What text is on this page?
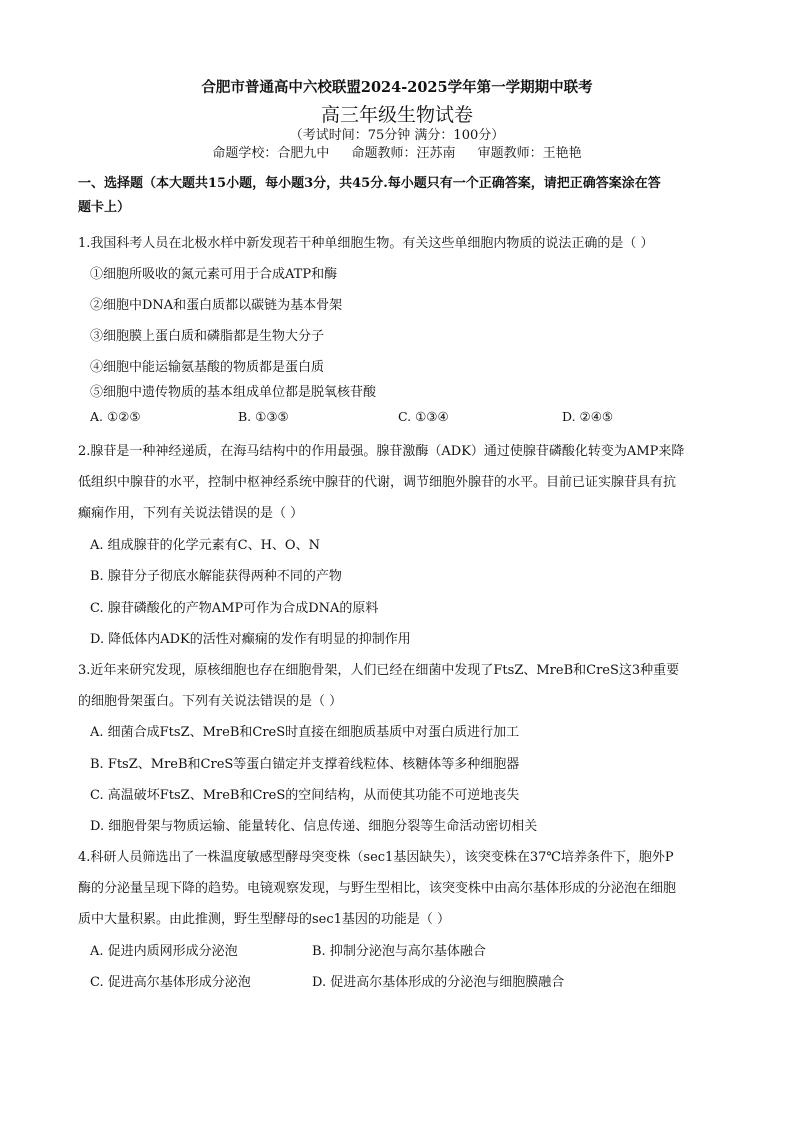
合肥市普通高中六校联盟2024-2025学年第一学期期中联考
高三年级生物试卷
（考试时间：75分钟 满分：100分）
命题学校：合肥九中 命题教师：汪苏南 审题教师：王艳艳
一、选择题（本大题共15小题，每小题3分，共45分.每小题只有一个正确答案，请把正确答案涂在答
题卡上）
1.我国科考人员在北极水样中新发现若干种单细胞生物。有关这些单细胞内物质的说法正确的是（ ）
①细胞所吸收的氮元素可用于合成ATP和酶
②细胞中DNA和蛋白质都以碳链为基本骨架
③细胞膜上蛋白质和磷脂都是生物大分子
④细胞中能运输氨基酸的物质都是蛋白质
⑤细胞中遗传物质的基本组成单位都是脱氧核苷酸
A. ①②⑤	B. ①③⑤	C. ①③④	D. ②④⑤
2.腺苷是一种神经递质，在海马结构中的作用最强。腺苷激酶（ADK）通过使腺苷磷酸化转变为AMP来降
低组织中腺苷的水平，控制中枢神经系统中腺苷的代谢，调节细胞外腺苷的水平。目前已证实腺苷具有抗
癫痫作用，下列有关说法错误的是（ ）
A. 组成腺苷的化学元素有C、H、O、N
B. 腺苷分子彻底水解能获得两种不同的产物
C. 腺苷磷酸化的产物AMP可作为合成DNA的原料
D. 降低体内ADK的活性对癫痫的发作有明显的抑制作用
3.近年来研究发现，原核细胞也存在细胞骨架，人们已经在细菌中发现了FtsZ、MreB和CreS这3种重要
的细胞骨架蛋白。下列有关说法错误的是（ ）
A. 细菌合成FtsZ、MreB和CreS时直接在细胞质基质中对蛋白质进行加工
B. FtsZ、MreB和CreS等蛋白锚定并支撑着线粒体、核糖体等多种细胞器
C. 高温破坏FtsZ、MreB和CreS的空间结构，从而使其功能不可逆地丧失
D. 细胞骨架与物质运输、能量转化、信息传递、细胞分裂等生命活动密切相关
4.科研人员筛选出了一株温度敏感型酵母突变株（sec1基因缺失），该突变株在37℃培养条件下，胞外P
酶的分泌量呈现下降的趋势。电镜观察发现，与野生型相比，该突变株中由高尔基体形成的分泌泡在细胞
质中大量积累。由此推测，野生型酵母的sec1基因的功能是（ ）
A. 促进内质网形成分泌泡	B. 抑制分泌泡与高尔基体融合
C. 促进高尔基体形成分泌泡	D. 促进高尔基体形成的分泌泡与细胞膜融合
